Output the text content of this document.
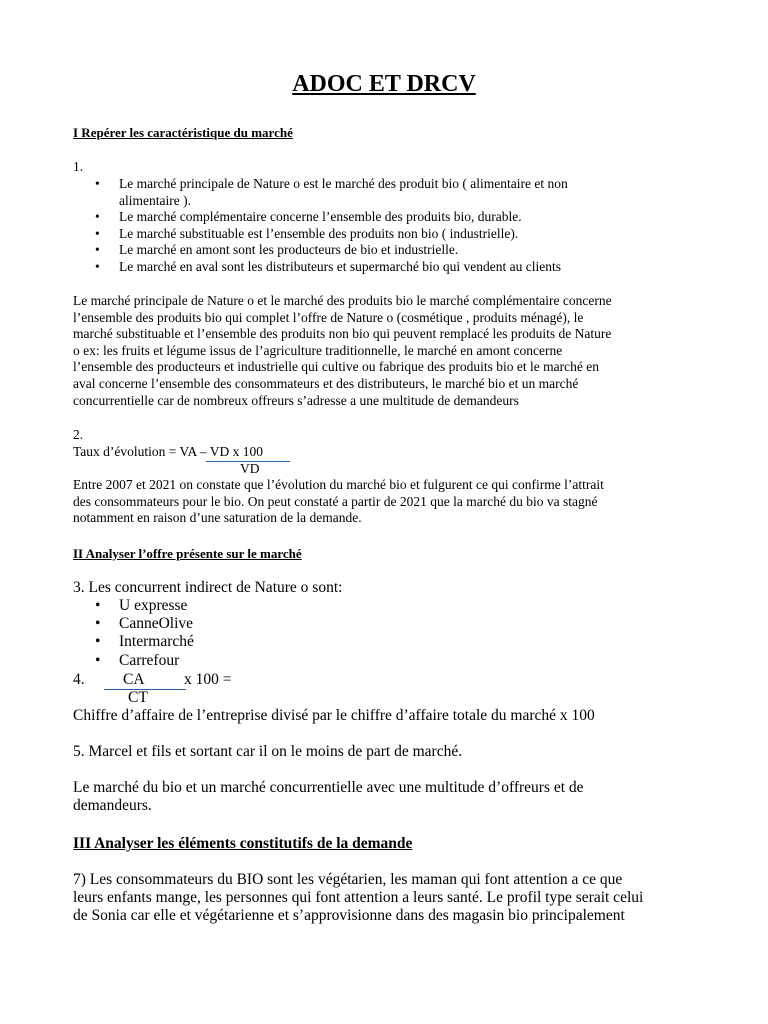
ADOC ET DRCV
I Repérer les caractéristique du marché
1.
• Le marché principale de Nature o est le marché des produit bio ( alimentaire et non
alimentaire ).
• Le marché complémentaire concerne l’ensemble des produits bio, durable.
• Le marché substituable est l’ensemble des produits non bio ( industrielle).
• Le marché en amont sont les producteurs de bio et industrielle.
• Le marché en aval sont les distributeurs et supermarché bio qui vendent au clients
Le marché principale de Nature o et le marché des produits bio le marché complémentaire concerne
l’ensemble des produits bio qui complet l’offre de Nature o (cosmétique , produits ménagé), le
marché substituable et l’ensemble des produits non bio qui peuvent remplacé les produits de Nature
o ex: les fruits et légume issus de l’agriculture traditionnelle, le marché en amont concerne
l’ensemble des producteurs et industrielle qui cultive ou fabrique des produits bio et le marché en
aval concerne l’ensemble des consommateurs et des distributeurs, le marché bio et un marché
concurrentielle car de nombreux offreurs s’adresse a une multitude de demandeurs
2.
Taux d’évolution = VA – VD x 100
VD
Entre 2007 et 2021 on constate que l’évolution du marché bio et fulgurent ce qui confirme l’attrait
des consommateurs pour le bio. On peut constaté a partir de 2021 que la marché du bio va stagné
notamment en raison d’une saturation de la demande.
II Analyser l’offre présente sur le marché
3. Les concurrent indirect de Nature o sont:
• U expresse
• CanneOlive
• Intermarché
• Carrefour
4. CA	x 100 =
CT
Chiffre d’affaire de l’entreprise divisé par le chiffre d’affaire totale du marché x 100
5. Marcel et fils et sortant car il on le moins de part de marché.
Le marché du bio et un marché concurrentielle avec une multitude d’offreurs et de
demandeurs.
III Analyser les éléments constitutifs de la demande
7) Les consommateurs du BIO sont les végétarien, les maman qui font attention a ce que
leurs enfants mange, les personnes qui font attention a leurs santé. Le profil type serait celui
de Sonia car elle et végétarienne et s’approvisionne dans des magasin bio principalement
